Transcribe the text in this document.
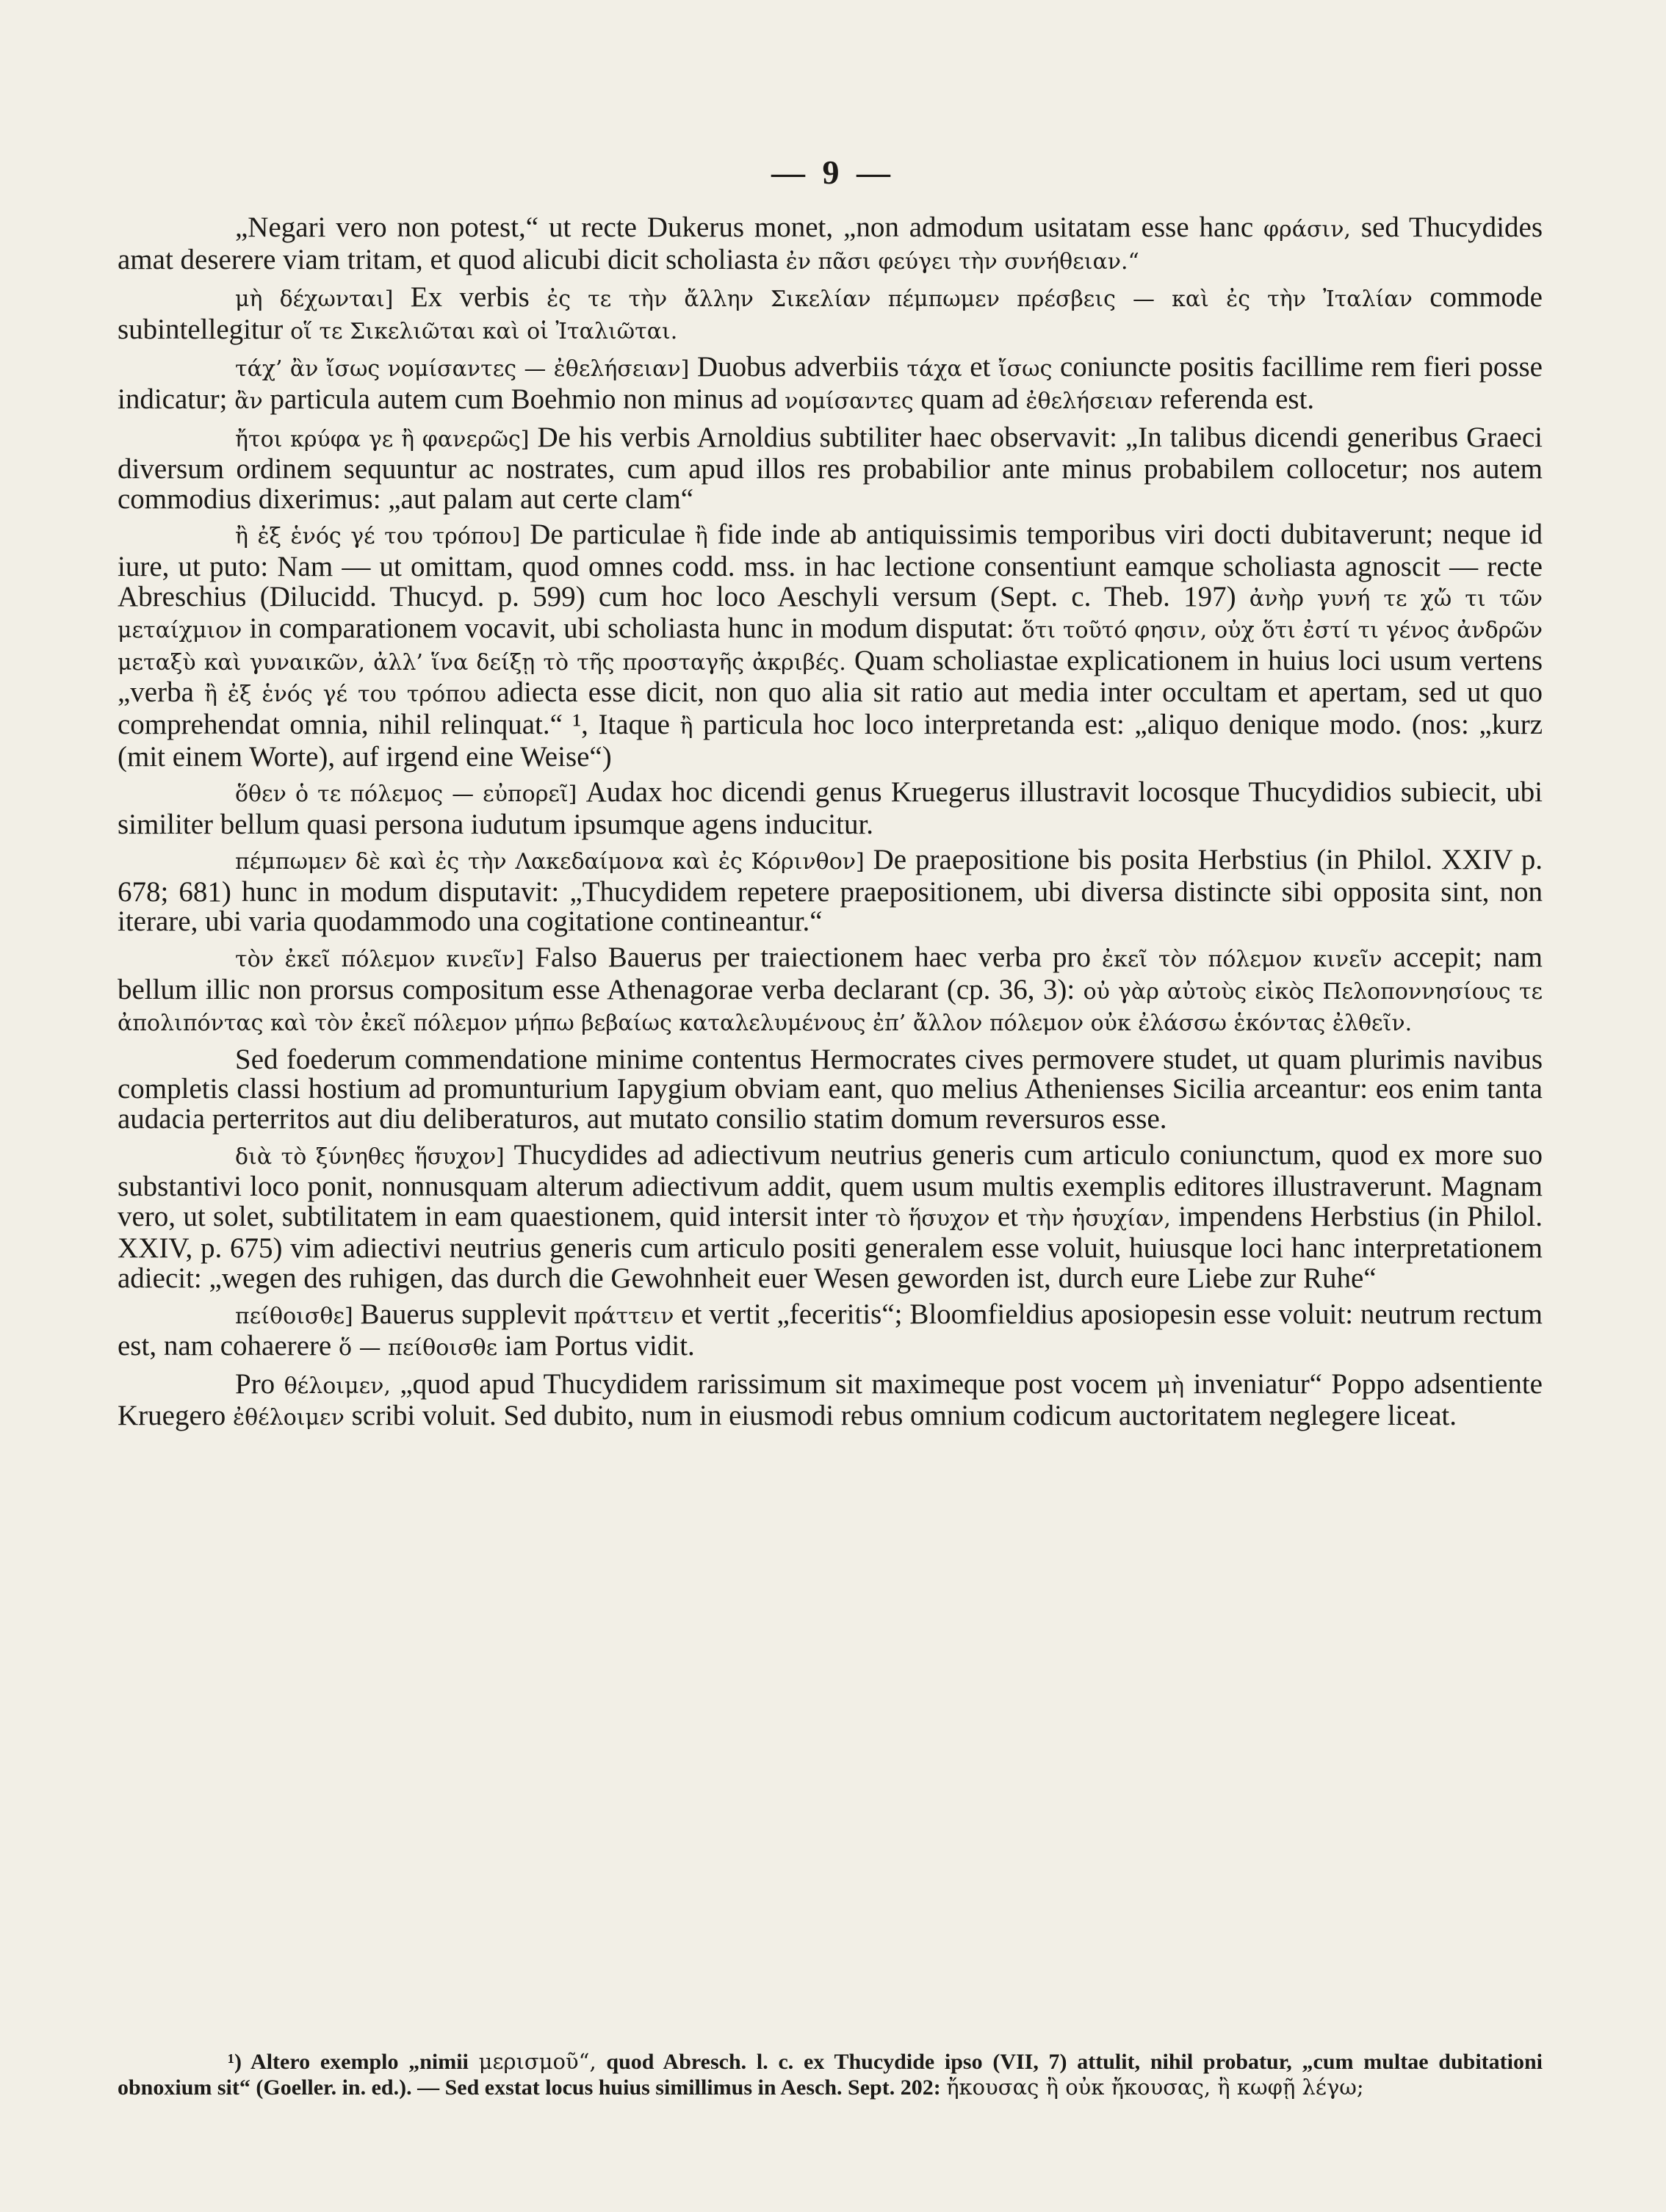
— 9 —

„Negari vero non potest,“ ut recte Dukerus monet, „non admodum usitatam esse hanc φράσιν, sed Thucydides amat deserere viam tritam, et quod alicubi dicit scholiasta ἐν πᾶσι φεύγει τὴν συνήθειαν.“

μὴ δέχωνται] Ex verbis ἐς τε τὴν ἄλλην Σικελίαν πέμπωμεν πρέσβεις — καὶ ἐς τὴν Ἰταλίαν commode subintellegitur οἵ τε Σικελιῶται καὶ οἱ Ἰταλιῶται.

τάχ’ ἂν ἴσως νομίσαντες — ἐθελήσειαν] Duobus adverbiis τάχα et ἴσως coniuncte positis facillime rem fieri posse indicatur; ἂν particula autem cum Boehmio non minus ad νομίσαντες quam ad ἐθελήσειαν referenda est.

ἤτοι κρύφα γε ἢ φανερῶς] De his verbis Arnoldius subtiliter haec observavit: „In talibus dicendi generibus Graeci diversum ordinem sequuntur ac nostrates, cum apud illos res probabilior ante minus probabilem collocetur; nos autem commodius dixerimus: „aut palam aut certe clam“

ἢ ἐξ ἑνός γέ του τρόπου] De particulae ἢ fide inde ab antiquissimis temporibus viri docti dubitaverunt; neque id iure, ut puto: Nam — ut omittam, quod omnes codd. mss. in hac lectione consentiunt eamque scholiasta agnoscit — recte Abreschius (Dilucidd. Thucyd. p. 599) cum hoc loco Aeschyli versum (Sept. c. Theb. 197) ἀνὴρ γυνή τε χὤ τι τῶν μεταίχμιον in comparationem vocavit, ubi scholiasta hunc in modum disputat: ὅτι τοῦτό φησιν, οὐχ ὅτι ἐστί τι γένος ἀνδρῶν μεταξὺ καὶ γυναικῶν, ἀλλ’ ἵνα δείξῃ τὸ τῆς προσταγῆς ἀκριβές. Quam scholiastae explicationem in huius loci usum vertens „verba ἢ ἐξ ἑνός γέ του τρόπου adiecta esse dicit, non quo alia sit ratio aut media inter occultam et apertam, sed ut quo comprehendat omnia, nihil relinquat.“ ¹, Itaque ἢ particula hoc loco interpretanda est: „aliquo denique modo. (nos: „kurz (mit einem Worte), auf irgend eine Weise“)

ὅθεν ὁ τε πόλεμος — εὐπορεῖ] Audax hoc dicendi genus Kruegerus illustravit locosque Thucydidios subiecit, ubi similiter bellum quasi persona iudutum ipsumque agens inducitur.

πέμπωμεν δὲ καὶ ἐς τὴν Λακεδαίμονα καὶ ἐς Κόρινθον] De praepositione bis posita Herbstius (in Philol. XXIV p. 678; 681) hunc in modum disputavit: „Thucydidem repetere praepositionem, ubi diversa distincte sibi opposita sint, non iterare, ubi varia quodammodo una cogitatione contineantur.“

τὸν ἐκεῖ πόλεμον κινεῖν] Falso Bauerus per traiectionem haec verba pro ἐκεῖ τὸν πόλεμον κινεῖν accepit; nam bellum illic non prorsus compositum esse Athenagorae verba declarant (cp. 36, 3): οὐ γὰρ αὐτοὺς εἰκὸς Πελοποννησίους τε ἀπολιπόντας καὶ τὸν ἐκεῖ πόλεμον μήπω βεβαίως καταλελυμένους ἐπ’ ἄλλον πόλεμον οὐκ ἐλάσσω ἑκόντας ἐλθεῖν.

Sed foederum commendatione minime contentus Hermocrates cives permovere studet, ut quam plurimis navibus completis classi hostium ad promunturium Iapygium obviam eant, quo melius Athenienses Sicilia arceantur: eos enim tanta audacia perterritos aut diu deliberaturos, aut mutato consilio statim domum reversuros esse.

διὰ τὸ ξύνηθες ἥσυχον] Thucydides ad adiectivum neutrius generis cum articulo coniunctum, quod ex more suo substantivi loco ponit, nonnusquam alterum adiectivum addit, quem usum multis exemplis editores illustraverunt. Magnam vero, ut solet, subtilitatem in eam quaestionem, quid intersit inter τὸ ἥσυχον et τὴν ἡσυχίαν, impendens Herbstius (in Philol. XXIV, p. 675) vim adiectivi neutrius generis cum articulo positi generalem esse voluit, huiusque loci hanc interpretationem adiecit: „wegen des ruhigen, das durch die Gewohnheit euer Wesen geworden ist, durch eure Liebe zur Ruhe“

πείθοισθε] Bauerus supplevit πράττειν et vertit „feceritis“; Bloomfieldius aposiopesin esse voluit: neutrum rectum est, nam cohaerere ὅ — πείθοισθε iam Portus vidit.

Pro θέλοιμεν, „quod apud Thucydidem rarissimum sit maximeque post vocem μὴ inveniatur“ Poppo adsentiente Kruegero ἐθέλοιμεν scribi voluit. Sed dubito, num in eiusmodi rebus omnium codicum auctoritatem neglegere liceat.

¹) Altero exemplo „nimii μερισμοῦ“, quod Abresch. l. c. ex Thucydide ipso (VII, 7) attulit, nihil probatur, „cum multae dubitationi obnoxium sit“ (Goeller. in. ed.). — Sed exstat locus huius simillimus in Aesch. Sept. 202: ἤκουσας ἢ οὐκ ἤκουσας, ἢ κωφῇ λέγω;
